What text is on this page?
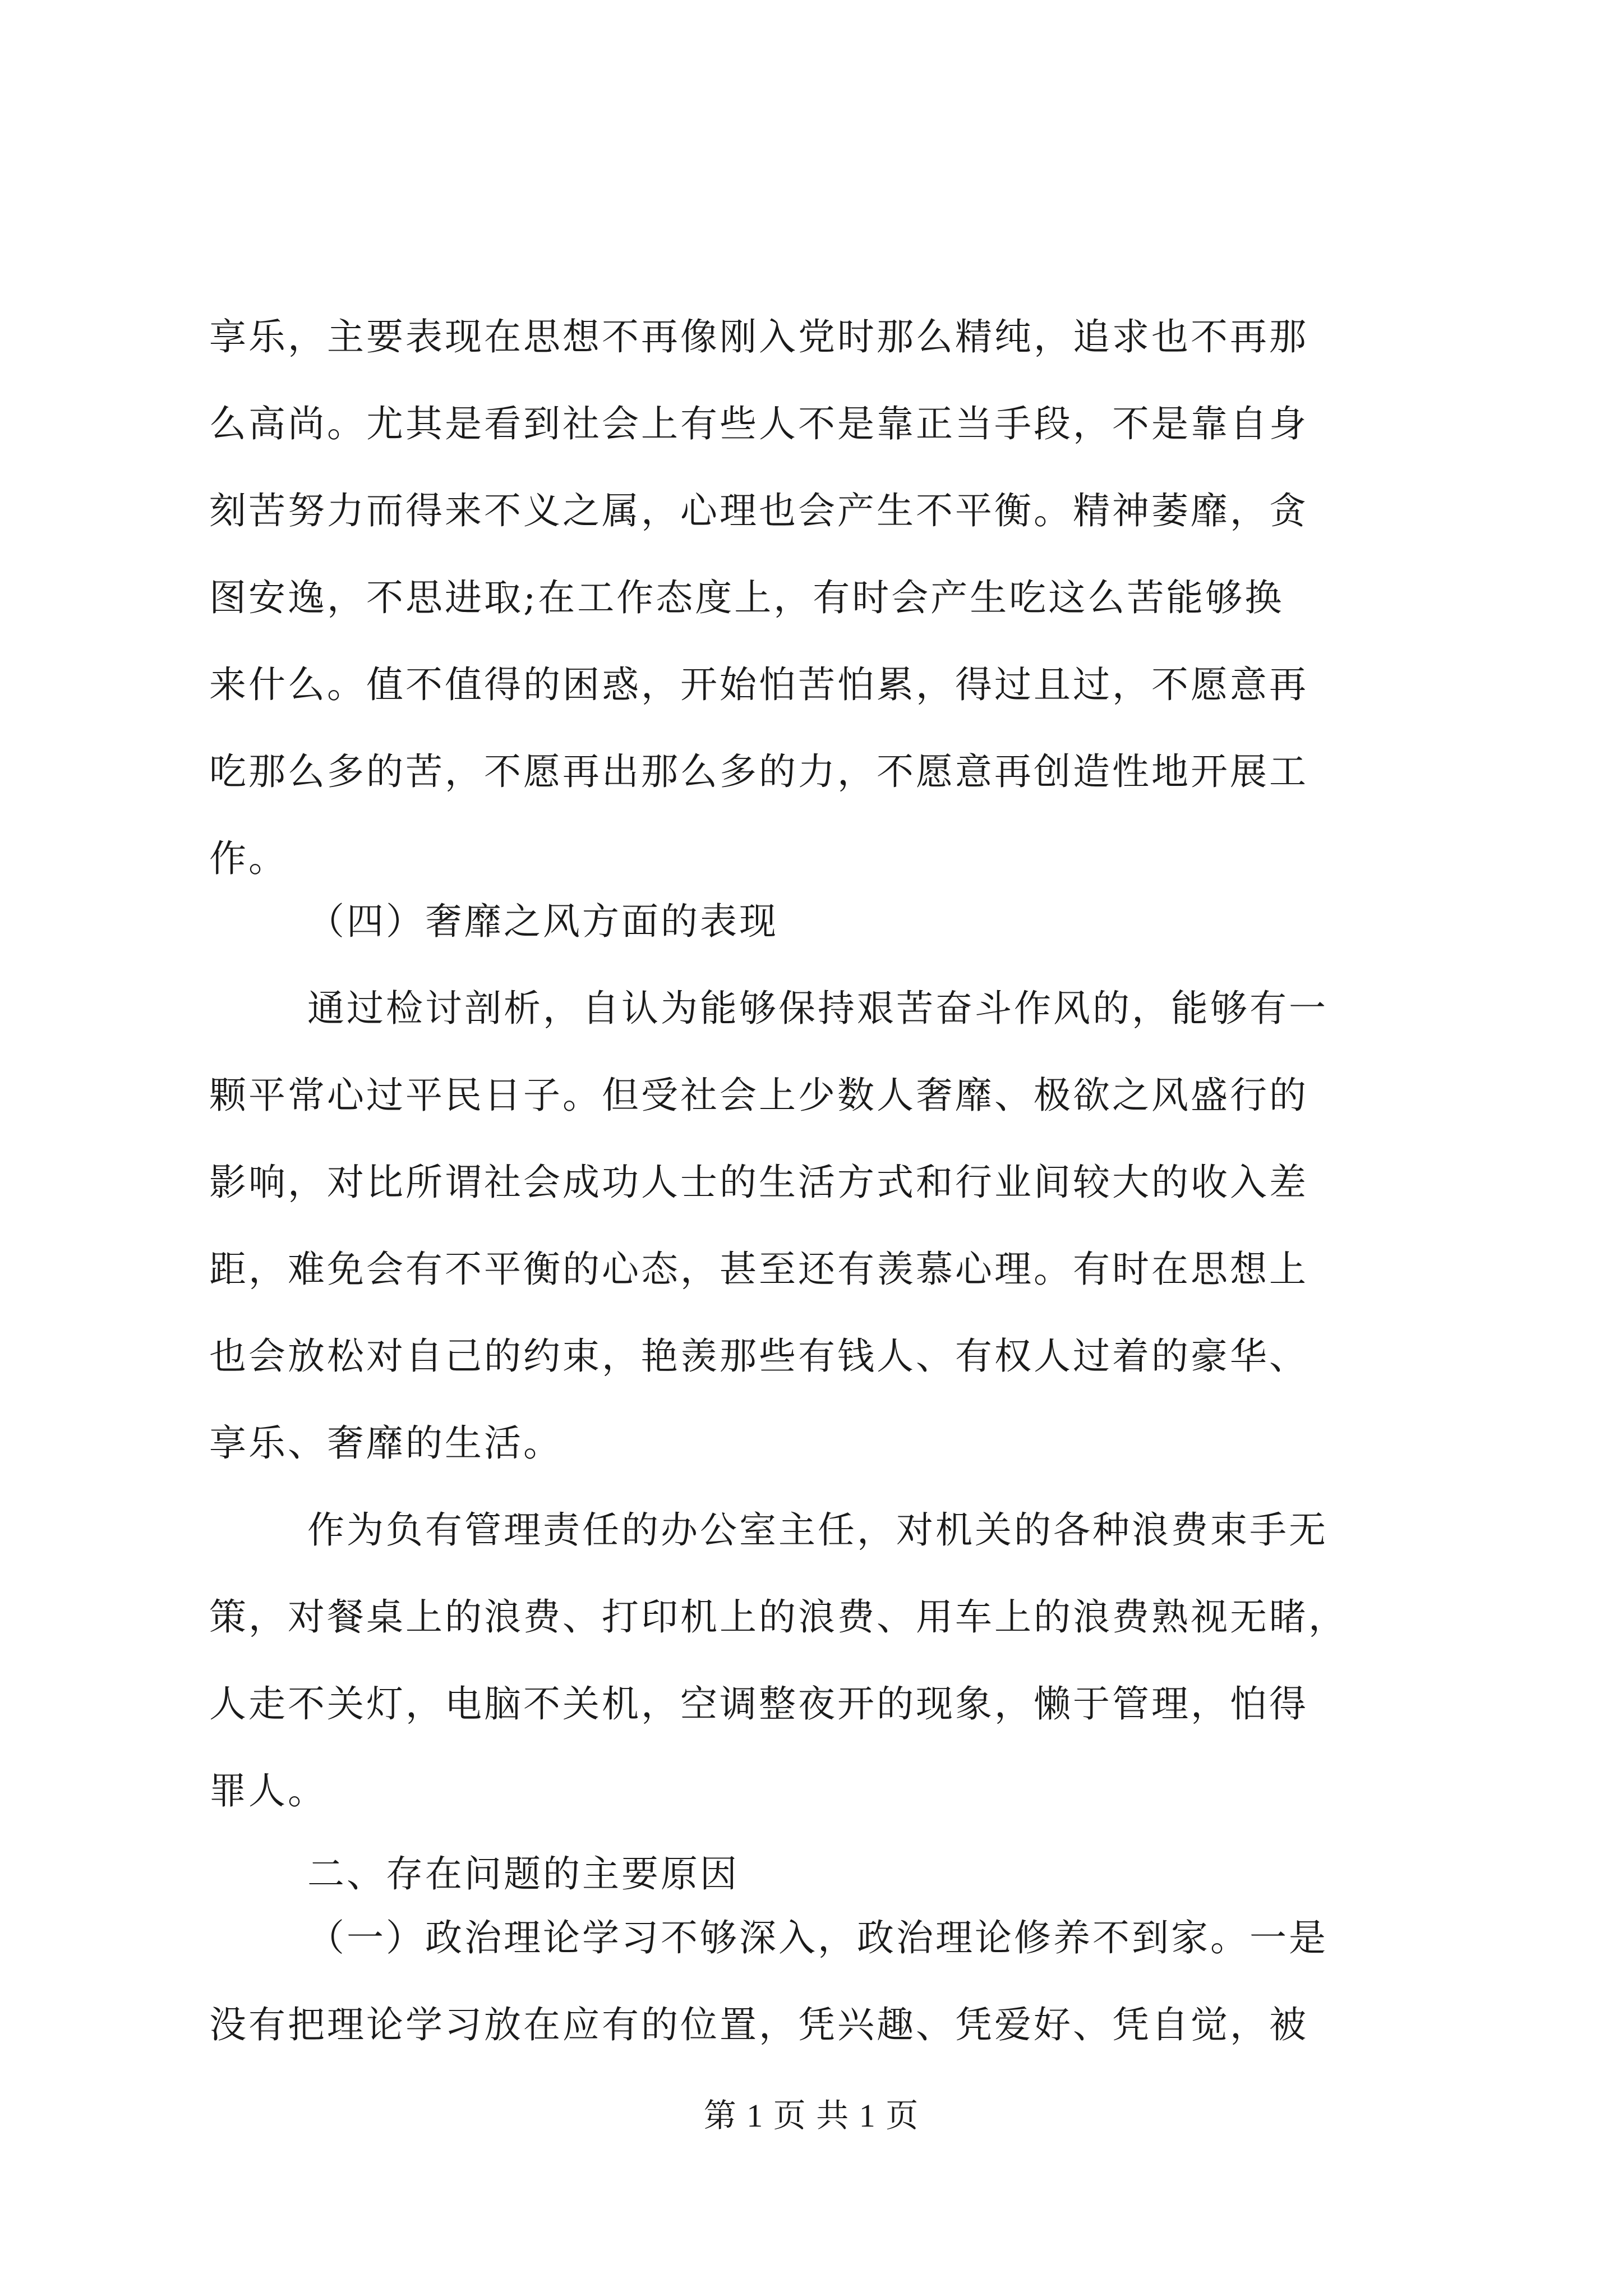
享乐，主要表现在思想不再像刚入党时那么精纯，追求也不再那
么高尚。尤其是看到社会上有些人不是靠正当手段，不是靠自身
刻苦努力而得来不义之属，心理也会产生不平衡。精神萎靡，贪
图安逸，不思进取;在工作态度上，有时会产生吃这么苦能够换
来什么。值不值得的困惑，开始怕苦怕累，得过且过，不愿意再
吃那么多的苦，不愿再出那么多的力，不愿意再创造性地开展工
作。
（四）奢靡之风方面的表现
通过检讨剖析，自认为能够保持艰苦奋斗作风的，能够有一
颗平常心过平民日子。但受社会上少数人奢靡、极欲之风盛行的
影响，对比所谓社会成功人士的生活方式和行业间较大的收入差
距，难免会有不平衡的心态，甚至还有羡慕心理。有时在思想上
也会放松对自己的约束，艳羡那些有钱人、有权人过着的豪华、
享乐、奢靡的生活。
作为负有管理责任的办公室主任，对机关的各种浪费束手无
策，对餐桌上的浪费、打印机上的浪费、用车上的浪费熟视无睹，
人走不关灯，电脑不关机，空调整夜开的现象，懒于管理，怕得
罪人。
二、存在问题的主要原因
（一）政治理论学习不够深入，政治理论修养不到家。一是
没有把理论学习放在应有的位置，凭兴趣、凭爱好、凭自觉，被
第 1 页 共 1 页
